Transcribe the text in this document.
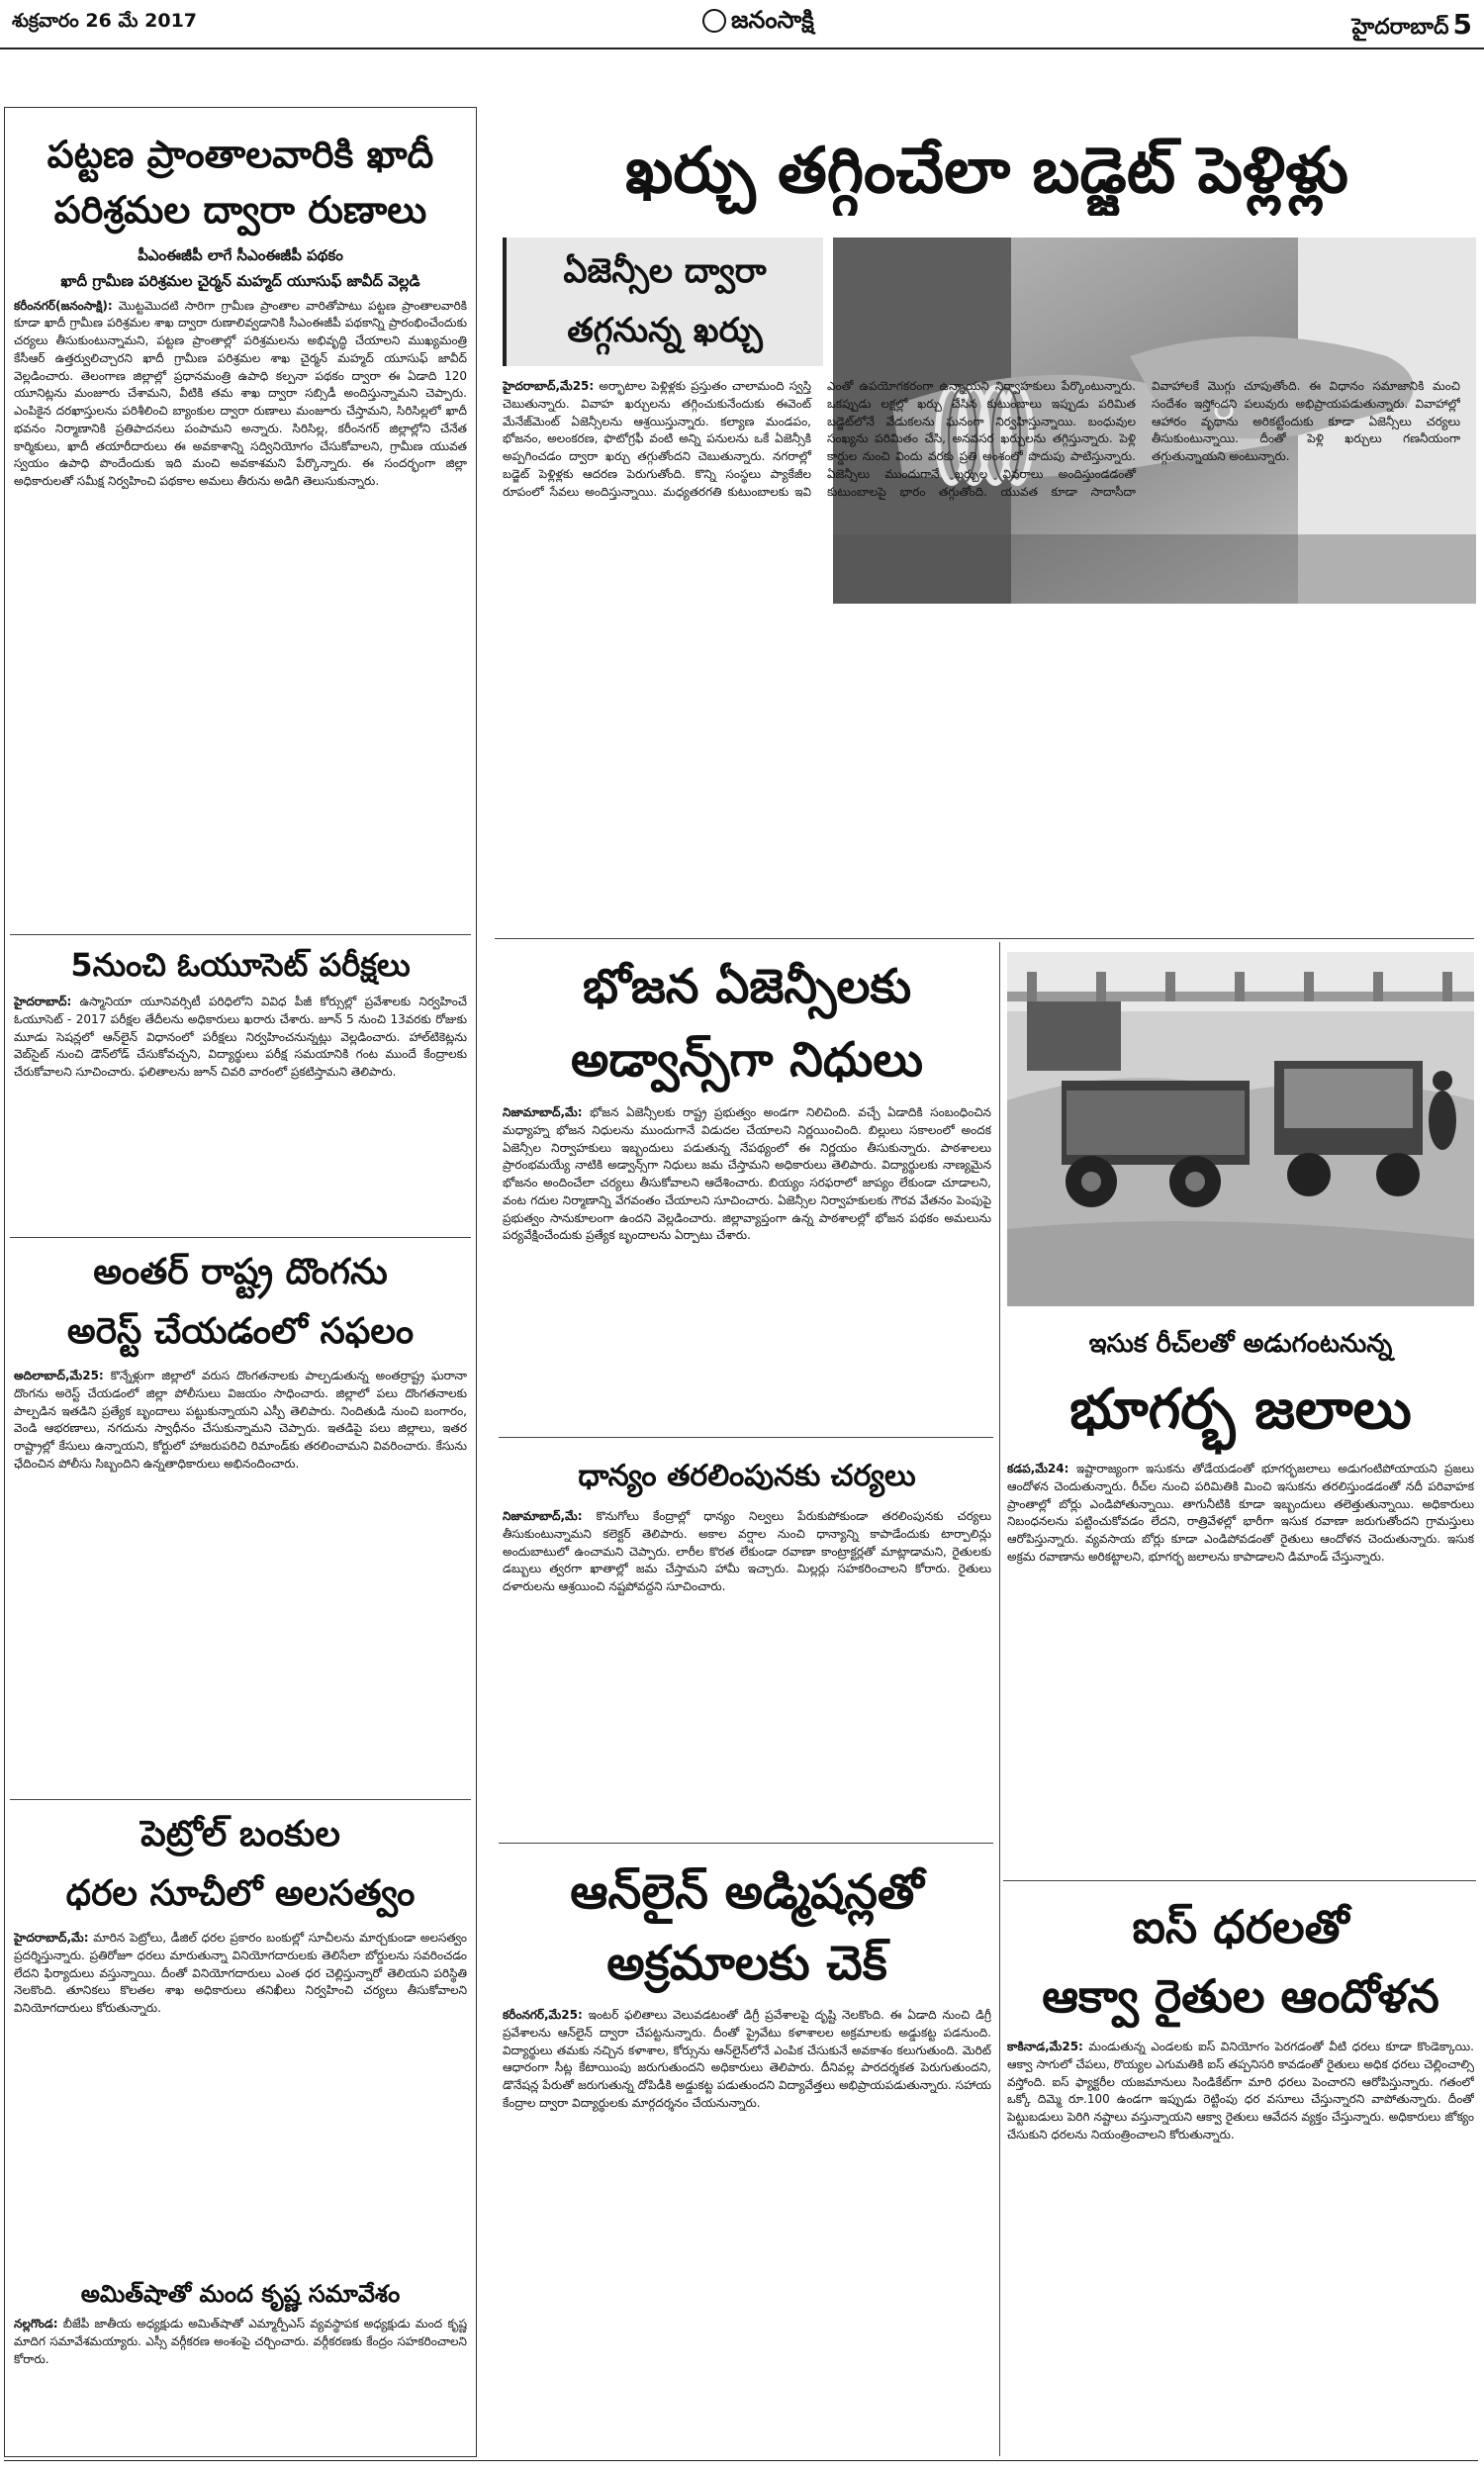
శుక్రవారం 26 మే 2017	జనంసాక్షి	హైదరాబాద్ 5
ఖర్చు తగ్గించేలా బడ్జెట్ పెళ్లిళ్లు
పట్టణ ప్రాంతాలవారికి ఖాదీ
పరిశ్రమల ద్వారా రుణాలు
పీఎంఈజీపీ లాగే సీఎంఈజీపీ పథకం
ఖాదీ గ్రామీణ పరిశ్రమల చైర్మన్ మహ్మద్ యూసుఫ్ జావీద్ వెల్లడి
కరీంనగర్‌(జనంసాక్షి): మొట్టమొదటి సారిగా గ్రామీణ ప్రాంతాల వారితోపాటు పట్టణ ప్రాంతాలవారికి కూడా ఖాదీ గ్రామీణ పరిశ్రమల శాఖ ద్వారా రుణాలివ్వడానికి సీఎంఈజీపీ పథకాన్ని ప్రారంభించేందుకు చర్యలు తీసుకుంటున్నామని, పట్టణ ప్రాంతాల్లో పరిశ్రమలను అభివృద్ధి చేయాలని ముఖ్యమంత్రి కేసీఆర్‌ ఉత్తర్వులిచ్చారని ఖాదీ గ్రామీణ పరిశ్రమల శాఖ చైర్మన్‌ మహ్మద్‌ యూసుఫ్‌ జావీద్‌ వెల్లడించారు. తెలంగాణ జిల్లాల్లో ప్రధానమంత్రి ఉపాధి కల్పనా పథకం ద్వారా ఈ ఏడాది 120 యూనిట్లను మంజూరు చేశామని, వీటికి తమ శాఖ ద్వారా సబ్సిడీ అందిస్తున్నామని చెప్పారు. ఎంపికైన దరఖాస్తులను పరిశీలించి బ్యాంకుల ద్వారా రుణాలు మంజూరు చేస్తామని, సిరిసిల్లలో ఖాదీ భవనం నిర్మాణానికి ప్రతిపాదనలు పంపామని అన్నారు. సిరిసిల్ల, కరీంనగర్‌ జిల్లాల్లోని చేనేత కార్మికులు, ఖాదీ తయారీదారులు ఈ అవకాశాన్ని సద్వినియోగం చేసుకోవాలని, గ్రామీణ యువత స్వయం ఉపాధి పొందేందుకు ఇది మంచి అవకాశమని పేర్కొన్నారు. ఈ సందర్భంగా జిల్లా అధికారులతో సమీక్ష నిర్వహించి పథకాల అమలు తీరును అడిగి తెలుసుకున్నారు.
5నుంచి ఓయూసెట్ పరీక్షలు
హైదరాబాద్‌: ఉస్మానియా యూనివర్సిటీ పరిధిలోని వివిధ పీజీ కోర్సుల్లో ప్రవేశాలకు నిర్వహించే ఓయూసెట్‌ - 2017 పరీక్షల తేదీలను అధికారులు ఖరారు చేశారు. జూన్‌ 5 నుంచి 13వరకు రోజుకు మూడు సెషన్లలో ఆన్‌లైన్‌ విధానంలో పరీక్షలు నిర్వహించనున్నట్లు వెల్లడించారు. హాల్‌టికెట్లను వెబ్‌సైట్‌ నుంచి డౌన్‌లోడ్‌ చేసుకోవచ్చని, విద్యార్థులు పరీక్ష సమయానికి గంట ముందే కేంద్రాలకు చేరుకోవాలని సూచించారు. ఫలితాలను జూన్‌ చివరి వారంలో ప్రకటిస్తామని తెలిపారు.
అంతర్ రాష్ట్ర దొంగను
అరెస్ట్ చేయడంలో సఫలం
అదిలాబాద్‌,మే25: కొన్నేళ్లుగా జిల్లాలో వరుస దొంగతనాలకు పాల్పడుతున్న అంతర్రాష్ట్ర ఘరానా దొంగను అరెస్ట్‌ చేయడంలో జిల్లా పోలీసులు విజయం సాధించారు. జిల్లాలో పలు దొంగతనాలకు పాల్పడిన ఇతడిని ప్రత్యేక బృందాలు పట్టుకున్నాయని ఎస్పీ తెలిపారు. నిందితుడి నుంచి బంగారం, వెండి ఆభరణాలు, నగదును స్వాధీనం చేసుకున్నామని చెప్పారు. ఇతడిపై పలు జిల్లాలు, ఇతర రాష్ట్రాల్లో కేసులు ఉన్నాయని, కోర్టులో హాజరుపరిచి రిమాండ్‌కు తరలించామని వివరించారు. కేసును ఛేదించిన పోలీసు సిబ్బందిని ఉన్నతాధికారులు అభినందించారు.
పెట్రోల్ బంకుల
ధరల సూచీలో అలసత్వం
హైదరాబాద్‌,మే: మారిన పెట్రోలు, డీజిల్‌ ధరల ప్రకారం బంకుల్లో సూచీలను మార్చకుండా అలసత్వం ప్రదర్శిస్తున్నారు. ప్రతిరోజూ ధరలు మారుతున్నా వినియోగదారులకు తెలిసేలా బోర్డులను సవరించడం లేదని ఫిర్యాదులు వస్తున్నాయి. దీంతో వినియోగదారులు ఎంత ధర చెల్లిస్తున్నారో తెలియని పరిస్థితి నెలకొంది. తూనికలు కొలతల శాఖ అధికారులు తనిఖీలు నిర్వహించి చర్యలు తీసుకోవాలని వినియోగదారులు కోరుతున్నారు.
అమిత్‌షాతో మంద కృష్ణ సమావేశం
నల్లగొండ: బీజేపీ జాతీయ అధ్యక్షుడు అమిత్‌షాతో ఎమ్మార్పీఎస్‌ వ్యవస్థాపక అధ్యక్షుడు మంద కృష్ణ మాదిగ సమావేశమయ్యారు. ఎస్సీ వర్గీకరణ అంశంపై చర్చించారు. వర్గీకరణకు కేంద్రం సహకరించాలని కోరారు.
ఏజెన్సీల ద్వారా
తగ్గనున్న ఖర్చు
హైదరాబాద్‌,మే25: అర్భాటాల పెళ్లిళ్లకు ప్రస్తుతం చాలామంది స్వస్తి చెబుతున్నారు. వివాహ ఖర్చులను తగ్గించుకునేందుకు ఈవెంట్‌ మేనేజ్‌మెంట్‌ ఏజెన్సీలను ఆశ్రయిస్తున్నారు. కల్యాణ మండపం, భోజనం, అలంకరణ, ఫొటోగ్రఫీ వంటి అన్ని పనులను ఒకే ఏజెన్సీకి అప్పగించడం ద్వారా ఖర్చు తగ్గుతోందని చెబుతున్నారు. నగరాల్లో బడ్జెట్‌ పెళ్లిళ్లకు ఆదరణ పెరుగుతోంది. కొన్ని సంస్థలు ప్యాకేజీల రూపంలో సేవలు అందిస్తున్నాయి. మధ్యతరగతి కుటుంబాలకు ఇవి ఎంతో ఉపయోగకరంగా ఉన్నాయని నిర్వాహకులు పేర్కొంటున్నారు. ఒకప్పుడు లక్షల్లో ఖర్చు చేసిన కుటుంబాలు ఇప్పుడు పరిమిత బడ్జెట్‌లోనే వేడుకలను ఘనంగా నిర్వహిస్తున్నాయి. బంధువుల సంఖ్యను పరిమితం చేసి, అనవసర ఖర్చులను తగ్గిస్తున్నారు. పెళ్లి కార్డుల నుంచి విందు వరకు ప్రతి అంశంలో పొదుపు పాటిస్తున్నారు. ఏజెన్సీలు ముందుగానే ఖర్చుల వివరాలు అందిస్తుండడంతో కుటుంబాలపై భారం తగ్గుతోంది. యువత కూడా సాదాసీదా వివాహాలకే మొగ్గు చూపుతోంది. ఈ విధానం సమాజానికి మంచి సందేశం ఇస్తోందని పలువురు అభిప్రాయపడుతున్నారు. వివాహాల్లో ఆహారం వృథాను అరికట్టేందుకు కూడా ఏజెన్సీలు చర్యలు తీసుకుంటున్నాయి. దీంతో పెళ్లి ఖర్చులు గణనీయంగా తగ్గుతున్నాయని అంటున్నారు.
భోజన ఏజెన్సీలకు
అడ్వాన్స్‌గా నిధులు
నిజామాబాద్‌,మే: భోజన ఏజెన్సీలకు రాష్ట్ర ప్రభుత్వం అండగా నిలిచింది. వచ్చే ఏడాదికి సంబంధించిన మధ్యాహ్న భోజన నిధులను ముందుగానే విడుదల చేయాలని నిర్ణయించింది. బిల్లులు సకాలంలో అందక ఏజెన్సీల నిర్వాహకులు ఇబ్బందులు పడుతున్న నేపథ్యంలో ఈ నిర్ణయం తీసుకున్నారు. పాఠశాలలు ప్రారంభమయ్యే నాటికి అడ్వాన్స్‌గా నిధులు జమ చేస్తామని అధికారులు తెలిపారు. విద్యార్థులకు నాణ్యమైన భోజనం అందించేలా చర్యలు తీసుకోవాలని ఆదేశించారు. బియ్యం సరఫరాలో జాప్యం లేకుండా చూడాలని, వంట గదుల నిర్మాణాన్ని వేగవంతం చేయాలని సూచించారు. ఏజెన్సీల నిర్వాహకులకు గౌరవ వేతనం పెంపుపై ప్రభుత్వం సానుకూలంగా ఉందని వెల్లడించారు. జిల్లావ్యాప్తంగా ఉన్న పాఠశాలల్లో భోజన పథకం అమలును పర్యవేక్షించేందుకు ప్రత్యేక బృందాలను ఏర్పాటు చేశారు.
ధాన్యం తరలింపునకు చర్యలు
నిజామాబాద్‌,మే: కొనుగోలు కేంద్రాల్లో ధాన్యం నిల్వలు పేరుకుపోకుండా తరలింపునకు చర్యలు తీసుకుంటున్నామని కలెక్టర్‌ తెలిపారు. అకాల వర్షాల నుంచి ధాన్యాన్ని కాపాడేందుకు టార్పాలిన్లు అందుబాటులో ఉంచామని చెప్పారు. లారీల కొరత లేకుండా రవాణా కాంట్రాక్టర్లతో మాట్లాడామని, రైతులకు డబ్బులు త్వరగా ఖాతాల్లో జమ చేస్తామని హామీ ఇచ్చారు. మిల్లర్లు సహకరించాలని కోరారు. రైతులు దళారులను ఆశ్రయించి నష్టపోవద్దని సూచించారు.
ఆన్‌లైన్ అడ్మిషన్లతో
అక్రమాలకు చెక్
కరీంనగర్‌,మే25: ఇంటర్‌ ఫలితాలు వెలువడటంతో డిగ్రీ ప్రవేశాలపై దృష్టి నెలకొంది. ఈ ఏడాది నుంచి డిగ్రీ ప్రవేశాలను ఆన్‌లైన్‌ ద్వారా చేపట్టనున్నారు. దీంతో ప్రైవేటు కళాశాలల అక్రమాలకు అడ్డుకట్ట పడనుంది. విద్యార్థులు తమకు నచ్చిన కళాశాల, కోర్సును ఆన్‌లైన్‌లోనే ఎంపిక చేసుకునే అవకాశం కలుగుతుంది. మెరిట్‌ ఆధారంగా సీట్ల కేటాయింపు జరుగుతుందని అధికారులు తెలిపారు. దీనివల్ల పారదర్శకత పెరుగుతుందని, డొనేషన్ల పేరుతో జరుగుతున్న దోపిడీకి అడ్డుకట్ట పడుతుందని విద్యావేత్తలు అభిప్రాయపడుతున్నారు. సహాయ కేంద్రాల ద్వారా విద్యార్థులకు మార్గదర్శనం చేయనున్నారు.
ఇసుక రీచ్‌లతో అడుగంటనున్న
భూగర్భ జలాలు
కడప,మే24: ఇష్టారాజ్యంగా ఇసుకను తోడేయడంతో భూగర్భజలాలు అడుగంటిపోయాయని ప్రజలు ఆందోళన చెందుతున్నారు. రీచ్‌ల నుంచి పరిమితికి మించి ఇసుకను తరలిస్తుండడంతో నదీ పరివాహక ప్రాంతాల్లో బోర్లు ఎండిపోతున్నాయి. తాగునీటికి కూడా ఇబ్బందులు తలెత్తుతున్నాయి. అధికారులు నిబంధనలను పట్టించుకోవడం లేదని, రాత్రివేళల్లో భారీగా ఇసుక రవాణా జరుగుతోందని గ్రామస్తులు ఆరోపిస్తున్నారు. వ్యవసాయ బోర్లు కూడా ఎండిపోవడంతో రైతులు ఆందోళన చెందుతున్నారు. ఇసుక అక్రమ రవాణాను అరికట్టాలని, భూగర్భ జలాలను కాపాడాలని డిమాండ్‌ చేస్తున్నారు.
ఐస్ ధరలతో
ఆక్వా రైతుల ఆందోళన
కాకినాడ,మే25: మండుతున్న ఎండలకు ఐస్‌ వినియోగం పెరగడంతో వీటి ధరలు కూడా కొండెక్కాయి. ఆక్వా సాగులో చేపలు, రొయ్యల ఎగుమతికి ఐస్‌ తప్పనిసరి కావడంతో రైతులు అధిక ధరలు చెల్లించాల్సి వస్తోంది. ఐస్‌ ఫ్యాక్టరీల యజమానులు సిండికేట్‌గా మారి ధరలు పెంచారని ఆరోపిస్తున్నారు. గతంలో ఒక్కో దిమ్మె రూ.100 ఉండగా ఇప్పుడు రెట్టింపు ధర వసూలు చేస్తున్నారని వాపోతున్నారు. దీంతో పెట్టుబడులు పెరిగి నష్టాలు వస్తున్నాయని ఆక్వా రైతులు ఆవేదన వ్యక్తం చేస్తున్నారు. అధికారులు జోక్యం చేసుకుని ధరలను నియంత్రించాలని కోరుతున్నారు.
